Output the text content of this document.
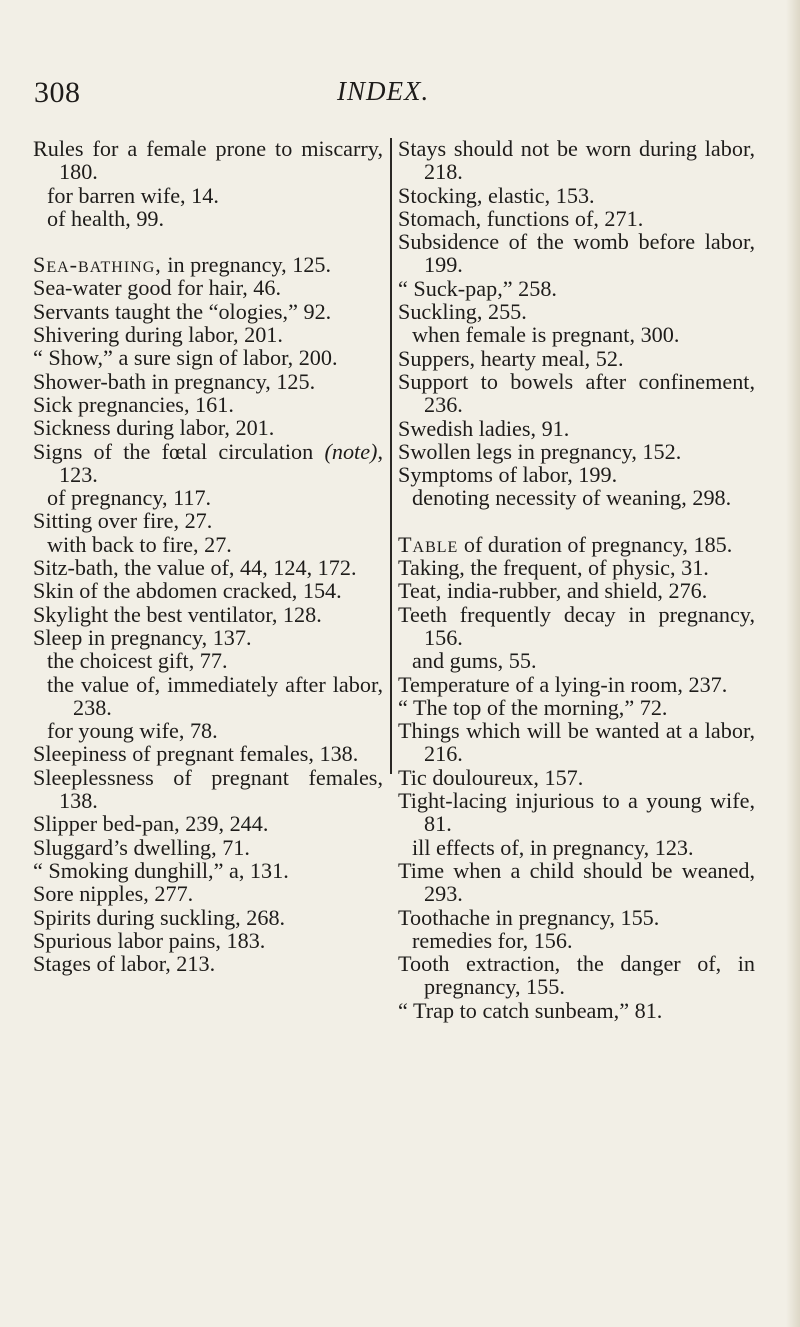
308	INDEX.

Rules for a female prone to miscarry, 180.

for barren wife, 14.

of health, 99.

Sea-bathing, in pregnancy, 125.

Sea-water good for hair, 46.

Servants taught the “ologies,” 92.

Shivering during labor, 201.

“ Show,” a sure sign of labor, 200.

Shower-bath in pregnancy, 125.

Sick pregnancies, 161.

Sickness during labor, 201.

Signs of the fœtal circulation (note), 123.

of pregnancy, 117.

Sitting over fire, 27.

with back to fire, 27.

Sitz-bath, the value of, 44, 124, 172.

Skin of the abdomen cracked, 154.

Skylight the best ventilator, 128.

Sleep in pregnancy, 137.

the choicest gift, 77.

the value of, immediately after labor, 238.

for young wife, 78.

Sleepiness of pregnant females, 138.

Sleeplessness of pregnant females, 138.

Slipper bed-pan, 239, 244.

Sluggard’s dwelling, 71.

“ Smoking dunghill,” a, 131.

Sore nipples, 277.

Spirits during suckling, 268.

Spurious labor pains, 183.

Stages of labor, 213.

Stays should not be worn during labor, 218.

Stocking, elastic, 153.

Stomach, functions of, 271.

Subsidence of the womb before labor, 199.

“ Suck-pap,” 258.

Suckling, 255.

when female is pregnant, 300.

Suppers, hearty meal, 52.

Support to bowels after confinement, 236.

Swedish ladies, 91.

Swollen legs in pregnancy, 152.

Symptoms of labor, 199.

denoting necessity of weaning, 298.

Table of duration of pregnancy, 185.

Taking, the frequent, of physic, 31.

Teat, india-rubber, and shield, 276.

Teeth frequently decay in pregnancy, 156.

and gums, 55.

Temperature of a lying-in room, 237.

“ The top of the morning,” 72.

Things which will be wanted at a labor, 216.

Tic douloureux, 157.

Tight-lacing injurious to a young wife, 81.

ill effects of, in pregnancy, 123.

Time when a child should be weaned, 293.

Toothache in pregnancy, 155.

remedies for, 156.

Tooth extraction, the danger of, in pregnancy, 155.

“ Trap to catch sunbeam,” 81.
